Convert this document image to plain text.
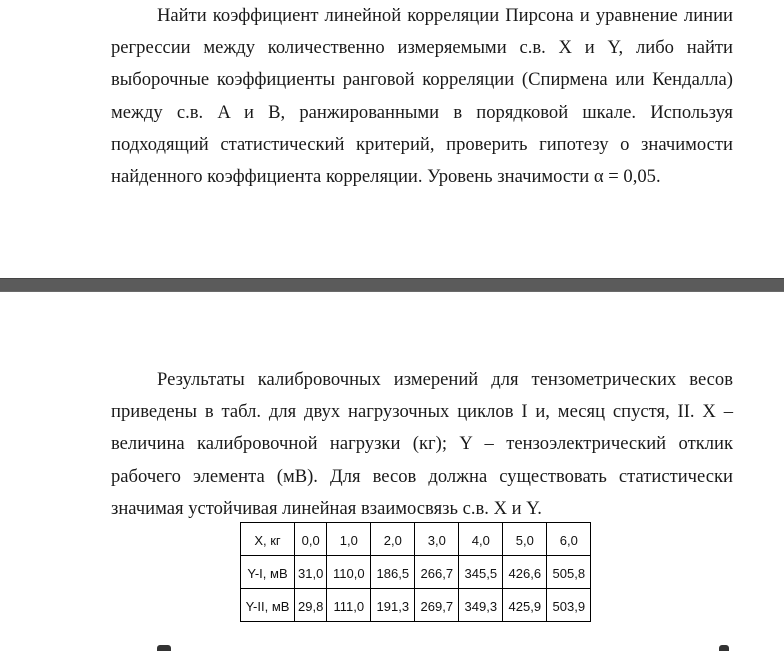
Найти коэффициент линейной корреляции Пирсона и уравнение линии
регрессии между количественно измеряемыми с.в. X и Y, либо найти
выборочные коэффициенты ранговой корреляции (Спирмена или Кендалла)
между с.в. A и B, ранжированными в порядковой шкале. Используя
подходящий статистический критерий, проверить гипотезу о значимости
найденного коэффициента корреляции. Уровень значимости α = 0,05.

Результаты калибровочных измерений для тензометрических весов
приведены в табл. для двух нагрузочных циклов I и, месяц спустя, II. X –
величина калибровочной нагрузки (кг); Y – тензоэлектрический отклик
рабочего элемента (мВ). Для весов должна существовать статистически
значимая устойчивая линейная взаимосвязь с.в. X и Y.

X, кг	0,0	1,0	2,0	3,0	4,0	5,0	6,0
Y-I, мВ	31,0	110,0	186,5	266,7	345,5	426,6	505,8
Y-II, мВ	29,8	111,0	191,3	269,7	349,3	425,9	503,9
